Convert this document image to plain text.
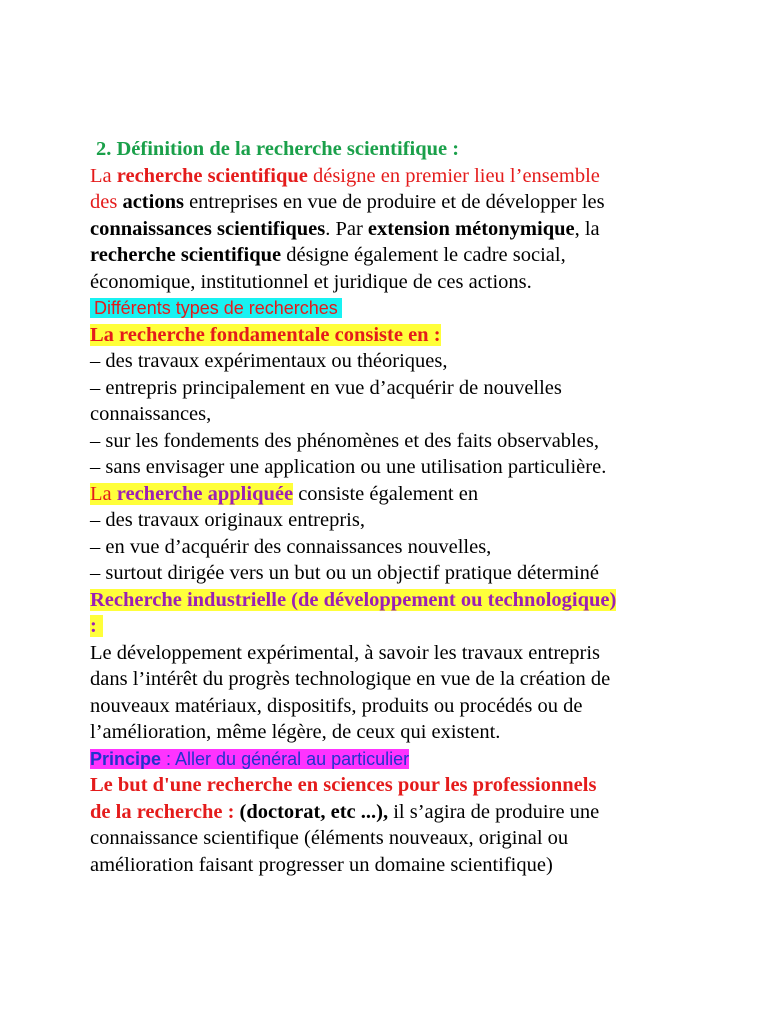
2. Définition de la recherche scientifique :
La recherche scientifique désigne en premier lieu l’ensemble
des actions entreprises en vue de produire et de développer les
connaissances scientifiques. Par extension métonymique, la
recherche scientifique désigne également le cadre social,
économique, institutionnel et juridique de ces actions.
Différents types de recherches
La recherche fondamentale consiste en :
– des travaux expérimentaux ou théoriques,
– entrepris principalement en vue d’acquérir de nouvelles
connaissances,
– sur les fondements des phénomènes et des faits observables,
– sans envisager une application ou une utilisation particulière.
La recherche appliquée consiste également en
– des travaux originaux entrepris,
– en vue d’acquérir des connaissances nouvelles,
– surtout dirigée vers un but ou un objectif pratique déterminé
Recherche industrielle (de développement ou technologique)
:
Le développement expérimental, à savoir les travaux entrepris
dans l’intérêt du progrès technologique en vue de la création de
nouveaux matériaux, dispositifs, produits ou procédés ou de
l’amélioration, même légère, de ceux qui existent.
Principe : Aller du général au particulier
Le but d'une recherche en sciences pour les professionnels
de la recherche : (doctorat, etc ...), il s’agira de produire une
connaissance scientifique (éléments nouveaux, original ou
amélioration faisant progresser un domaine scientifique)
